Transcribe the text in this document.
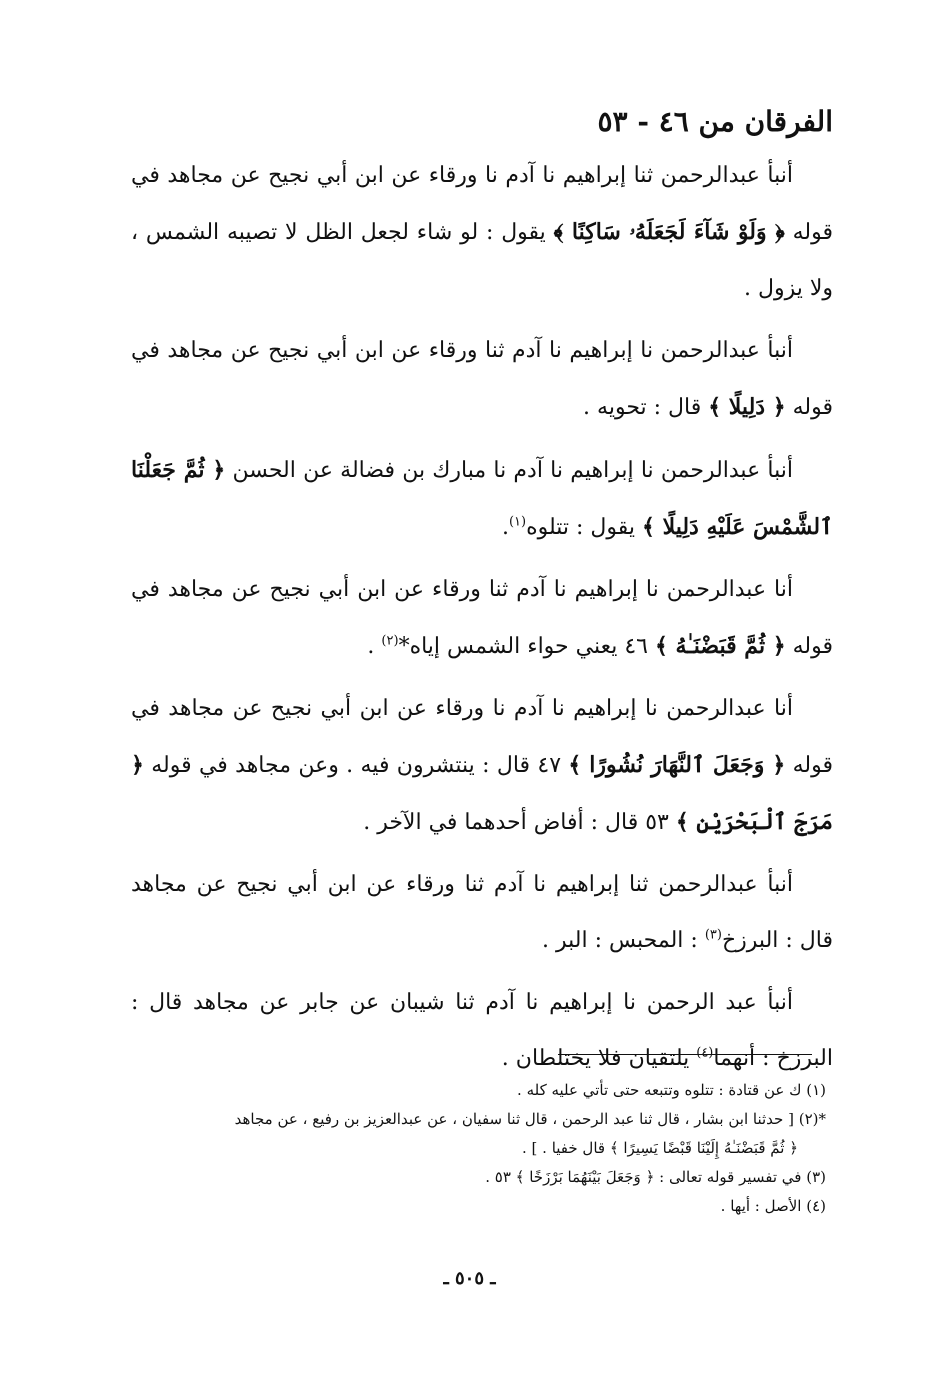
الفرقان من ٤٦ - ٥٣

أنبأ عبدالرحمن ثنا إبراهيم نا آدم نا ورقاء عن ابن أبي نجيح عن مجاهد في قوله ﴿ وَلَوْ شَآءَ لَجَعَلَهُۥ سَاكِنًا ﴾ يقول : لو شاء لجعل الظل لا تصيبه الشمس ، ولا يزول .

أنبأ عبدالرحمن نا إبراهيم نا آدم ثنا ورقاء عن ابن أبي نجيح عن مجاهد في قوله ﴿ دَلِيلًا ﴾ قال : تحويه .

أنبأ عبدالرحمن نا إبراهيم نا آدم نا مبارك بن فضالة عن الحسن ﴿ ثُمَّ جَعَلْنَا ٱلشَّمْسَ عَلَيْهِ دَلِيلًا ﴾ يقول : تتلوه$^{(١)}$.

أنا عبدالرحمن نا إبراهيم نا آدم ثنا ورقاء عن ابن أبي نجيح عن مجاهد في قوله ﴿ ثُمَّ قَبَضْنَـٰهُ ﴾ ٤٦ يعني حواء الشمس إياه*$^{(٢)}$ .

أنا عبدالرحمن نا إبراهيم نا آدم نا ورقاء عن ابن أبي نجيح عن مجاهد في قوله ﴿ وَجَعَلَ ٱلنَّهَارَ نُشُورًا ﴾ ٤٧ قال : ينتشرون فيه . وعن مجاهد في قوله ﴿ مَرَجَ ٱلْبَحْرَيْنِ ﴾ ٥٣ قال : أفاض أحدهما في الآخر .

أنبأ عبدالرحمن ثنا إبراهيم نا آدم ثنا ورقاء عن ابن أبي نجيح عن مجاهد قال : البرزخ$^{(٣)}$ : المحبس : البر .

أنبأ عبد الرحمن نا إبراهيم نا آدم ثنا شيبان عن جابر عن مجاهد قال : البرزخ : أنهما$^{(٤)}$ يلتقيان فلا يختلطان .

(١) ك عن قتادة : تتلوه وتتبعه حتى تأتي عليه كله .

*(٢) [ حدثنا ابن بشار ، قال ثنا عبد الرحمن ، قال ثنا سفيان ، عن عبدالعزيز بن رفيع ، عن مجاهد

﴿ ثُمَّ قَبَضْنَـٰهُ إِلَيْنَا قَبْضًا يَسِيرًا ﴾ قال خفيا . ] .

(٣) في تفسير قوله تعالى : ﴿ وَجَعَلَ بَيْنَهُمَا بَرْزَخًا ﴾ ٥٣ .

(٤) الأصل : أيها .

ـ ٥٠٥ ـ
